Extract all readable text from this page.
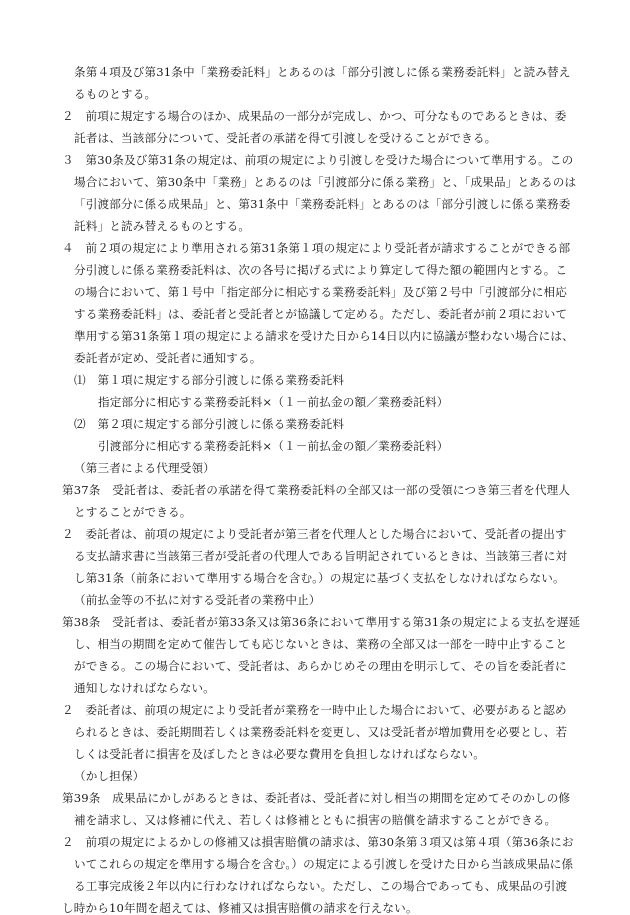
条第４項及び第31条中「業務委託料」とあるのは「部分引渡しに係る業務委託料」と読み替え
るものとする。
２　前項に規定する場合のほか、成果品の一部分が完成し、かつ、可分なものであるときは、委
託者は、当該部分について、受託者の承諾を得て引渡しを受けることができる。
３　第30条及び第31条の規定は、前項の規定により引渡しを受けた場合について準用する。この
場合において、第30条中「業務」とあるのは「引渡部分に係る業務」と、「成果品」とあるのは
「引渡部分に係る成果品」と、第31条中「業務委託料」とあるのは「部分引渡しに係る業務委
託料」と読み替えるものとする。
４　前２項の規定により準用される第31条第１項の規定により受託者が請求することができる部
分引渡しに係る業務委託料は、次の各号に掲げる式により算定して得た額の範囲内とする。こ
の場合において、第１号中「指定部分に相応する業務委託料」及び第２号中「引渡部分に相応
する業務委託料」は、委託者と受託者とが協議して定める。ただし、委託者が前２項において
準用する第31条第１項の規定による請求を受けた日から14日以内に協議が整わない場合には、
委託者が定め、受託者に通知する。
⑴　第１項に規定する部分引渡しに係る業務委託料
指定部分に相応する業務委託料×（１－前払金の額／業務委託料）
⑵　第２項に規定する部分引渡しに係る業務委託料
引渡部分に相応する業務委託料×（１－前払金の額／業務委託料）
（第三者による代理受領）
第37条　受託者は、委託者の承諾を得て業務委託料の全部又は一部の受領につき第三者を代理人
とすることができる。
２　委託者は、前項の規定により受託者が第三者を代理人とした場合において、受託者の提出す
る支払請求書に当該第三者が受託者の代理人である旨明記されているときは、当該第三者に対
し第31条（前条において準用する場合を含む。）の規定に基づく支払をしなければならない。
（前払金等の不払に対する受託者の業務中止）
第38条　受託者は、委託者が第33条又は第36条において準用する第31条の規定による支払を遅延
し、相当の期間を定めて催告しても応じないときは、業務の全部又は一部を一時中止すること
ができる。この場合において、受託者は、あらかじめその理由を明示して、その旨を委託者に
通知しなければならない。
２　委託者は、前項の規定により受託者が業務を一時中止した場合において、必要があると認め
られるときは、委託期間若しくは業務委託料を変更し、又は受託者が増加費用を必要とし、若
しくは受託者に損害を及ぼしたときは必要な費用を負担しなければならない。
（かし担保）
第39条　成果品にかしがあるときは、委託者は、受託者に対し相当の期間を定めてそのかしの修
補を請求し、又は修補に代え、若しくは修補とともに損害の賠償を請求することができる。
２　前項の規定によるかしの修補又は損害賠償の請求は、第30条第３項又は第４項（第36条にお
いてこれらの規定を準用する場合を含む。）の規定による引渡しを受けた日から当該成果品に係
る工事完成後２年以内に行わなければならない。ただし、この場合であっても、成果品の引渡
し時から10年間を超えては、修補又は損害賠償の請求を行えない。
